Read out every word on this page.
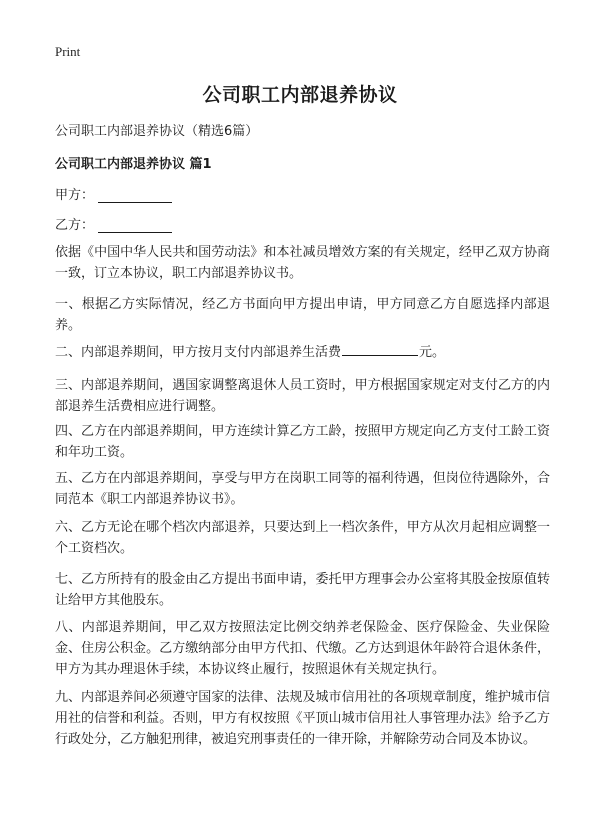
Print
公司职工内部退养协议
公司职工内部退养协议（精选6篇）
公司职工内部退养协议 篇1
甲方：
乙方：

依据《中国中华人民共和国劳动法》和本社减员增效方案的有关规定，经甲乙双方协商一致，订立本协议，职工内部退养协议书。

一、根据乙方实际情况，经乙方书面向甲方提出申请，甲方同意乙方自愿选择内部退养。

二、内部退养期间，甲方按月支付内部退养生活费	元。

三、内部退养期间，遇国家调整离退休人员工资时，甲方根据国家规定对支付乙方的内部退养生活费相应进行调整。

四、乙方在内部退养期间，甲方连续计算乙方工龄，按照甲方规定向乙方支付工龄工资和年功工资。

五、乙方在内部退养期间，享受与甲方在岗职工同等的福利待遇，但岗位待遇除外，合同范本《职工内部退养协议书》。

六、乙方无论在哪个档次内部退养，只要达到上一档次条件，甲方从次月起相应调整一个工资档次。

七、乙方所持有的股金由乙方提出书面申请，委托甲方理事会办公室将其股金按原值转让给甲方其他股东。

八、内部退养期间，甲乙双方按照法定比例交纳养老保险金、医疗保险金、失业保险金、住房公积金。乙方缴纳部分由甲方代扣、代缴。乙方达到退休年龄符合退休条件，甲方为其办理退休手续，本协议终止履行，按照退休有关规定执行。

九、内部退养间必须遵守国家的法律、法规及城市信用社的各项规章制度，维护城市信用社的信誉和利益。否则，甲方有权按照《平顶山城市信用社人事管理办法》给予乙方行政处分，乙方触犯刑律，被追究刑事责任的一律开除，并解除劳动合同及本协议。
